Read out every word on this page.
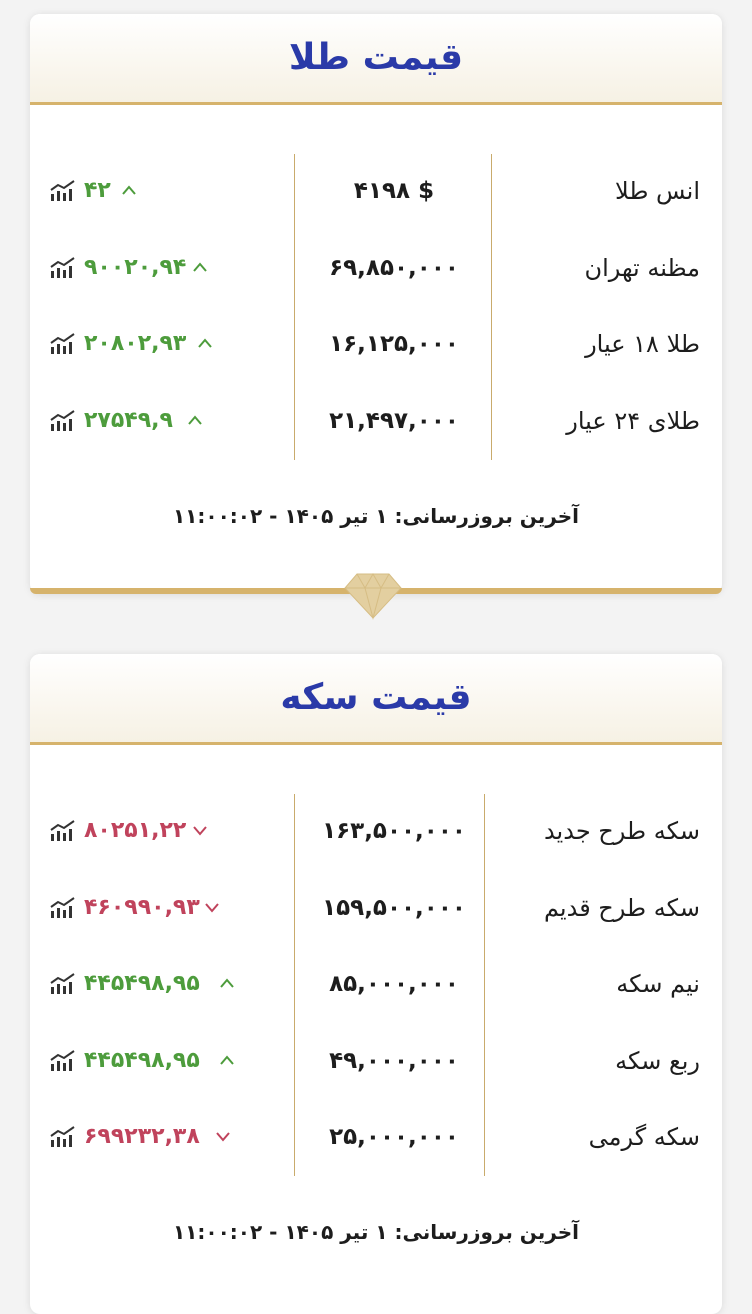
قیمت طلا
۴۲	۴۱۹۸ $	انس طلا
۹۰۰۲۰,۹۴	۶۹,۸۵۰,۰۰۰	مظنه تهران
۲۰۸۰۲,۹۳	۱۶,۱۲۵,۰۰۰	طلا ۱۸ عیار
۲۷۵۴۹,۹	۲۱,۴۹۷,۰۰۰	طلای ۲۴ عیار
آخرین بروزرسانی: ۱ تیر ۱۴۰۵ - ۱۱:۰۰:۰۲
قیمت سکه
۸۰۲۵۱,۲۲	۱۶۳,۵۰۰,۰۰۰	سکه طرح جدید
۴۶۰۹۹۰,۹۳	۱۵۹,۵۰۰,۰۰۰	سکه طرح قدیم
۴۴۵۴۹۸,۹۵	۸۵,۰۰۰,۰۰۰	نیم سکه
۴۴۵۴۹۸,۹۵	۴۹,۰۰۰,۰۰۰	ربع سکه
۶۹۹۲۳۲,۳۸	۲۵,۰۰۰,۰۰۰	سکه گرمی
آخرین بروزرسانی: ۱ تیر ۱۴۰۵ - ۱۱:۰۰:۰۲
